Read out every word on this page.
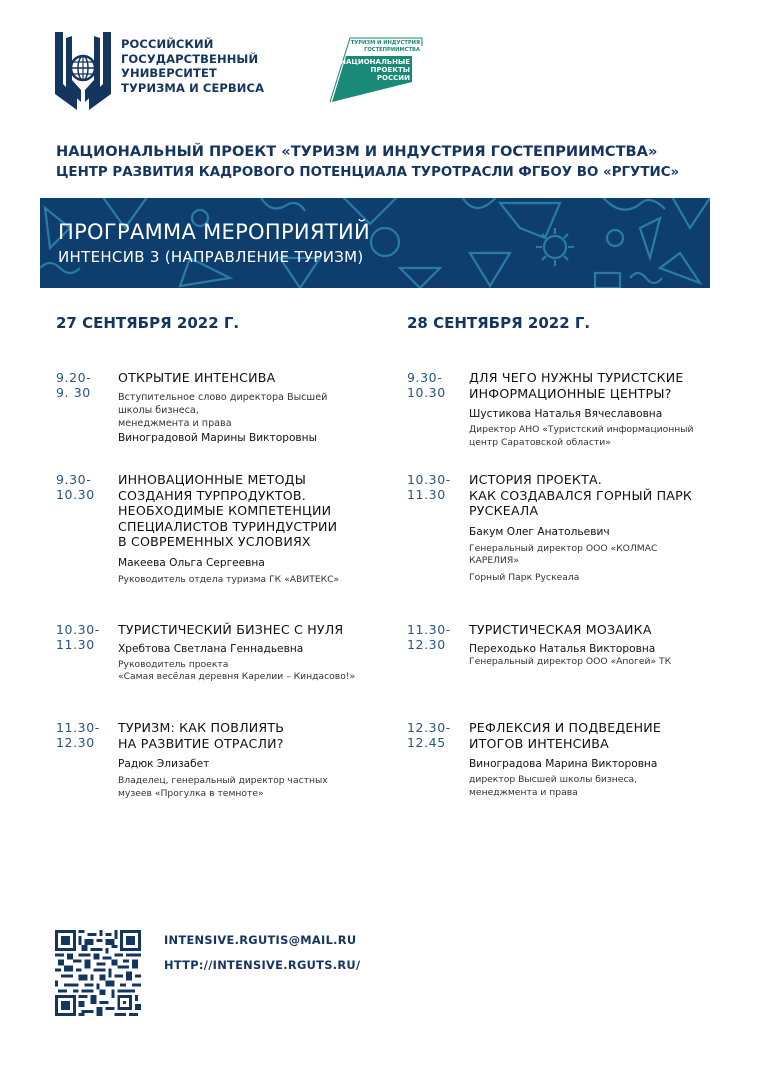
РОССИЙСКИЙ
ГОСУДАРСТВЕННЫЙ
УНИВЕРСИТЕТ
ТУРИЗМА И СЕРВИСА
ТУРИЗМ И ИНДУСТРИЯ
ГОСТЕПРИИМСТВА
НАЦИОНАЛЬНЫЕ
ПРОЕКТЫ
РОССИИ
НАЦИОНАЛЬНЫЙ ПРОЕКТ «ТУРИЗМ И ИНДУСТРИЯ ГОСТЕПРИИМСТВА»
ЦЕНТР РАЗВИТИЯ КАДРОВОГО ПОТЕНЦИАЛА ТУРОТРАСЛИ ФГБОУ ВО «РГУТИС»
ПРОГРАММА МЕРОПРИЯТИЙ
ИНТЕНСИВ 3 (НАПРАВЛЕНИЕ ТУРИЗМ)
27 СЕНТЯБРЯ 2022 Г.
9.20-
9. 30
ОТКРЫТИЕ ИНТЕНСИВА
Вступительное слово директора Высшей
школы бизнеса,
менеджмента и права
Виноградовой Марины Викторовны
9.30-
10.30
ИННОВАЦИОННЫЕ МЕТОДЫ
СОЗДАНИЯ ТУРПРОДУКТОВ.
НЕОБХОДИМЫЕ КОМПЕТЕНЦИИ
СПЕЦИАЛИСТОВ ТУРИНДУСТРИИ
В СОВРЕМЕННЫХ УСЛОВИЯХ
Макеева Ольга Сергеевна
Руководитель отдела туризма ГК «АВИТЕКС»
10.30-
11.30
ТУРИСТИЧЕСКИЙ БИЗНЕС С НУЛЯ
Хребтова Светлана Геннадьевна
Руководитель проекта
«Самая весёлая деревня Карелии – Киндасово!»
11.30-
12.30
ТУРИЗМ: КАК ПОВЛИЯТЬ
НА РАЗВИТИЕ ОТРАСЛИ?
Радюк Элизабет
Владелец, генеральный директор частных
музеев «Прогулка в темноте»
28 СЕНТЯБРЯ 2022 Г.
9.30-
10.30
ДЛЯ ЧЕГО НУЖНЫ ТУРИСТСКИЕ
ИНФОРМАЦИОННЫЕ ЦЕНТРЫ?
Шустикова Наталья Вячеславовна
Директор АНО «Туристский информационный
центр Саратовской области»
10.30-
11.30
ИСТОРИЯ ПРОЕКТА.
КАК СОЗДАВАЛСЯ ГОРНЫЙ ПАРК
РУСКЕАЛА
Бакум Олег Анатольевич
Генеральный директор ООО «КОЛМАС
КАРЕЛИЯ»
Горный Парк Рускеала
11.30-
12.30
ТУРИСТИЧЕСКАЯ МОЗАИКА
Переходько Наталья Викторовна
Генеральный директор ООО «Апогей» ТК
12.30-
12.45
РЕФЛЕКСИЯ И ПОДВЕДЕНИЕ
ИТОГОВ ИНТЕНСИВА
Виноградова Марина Викторовна
директор Высшей школы бизнеса,
менеджмента и права
INTENSIVE.RGUTIS@MAIL.RU
HTTP://INTENSIVE.RGUTS.RU/
